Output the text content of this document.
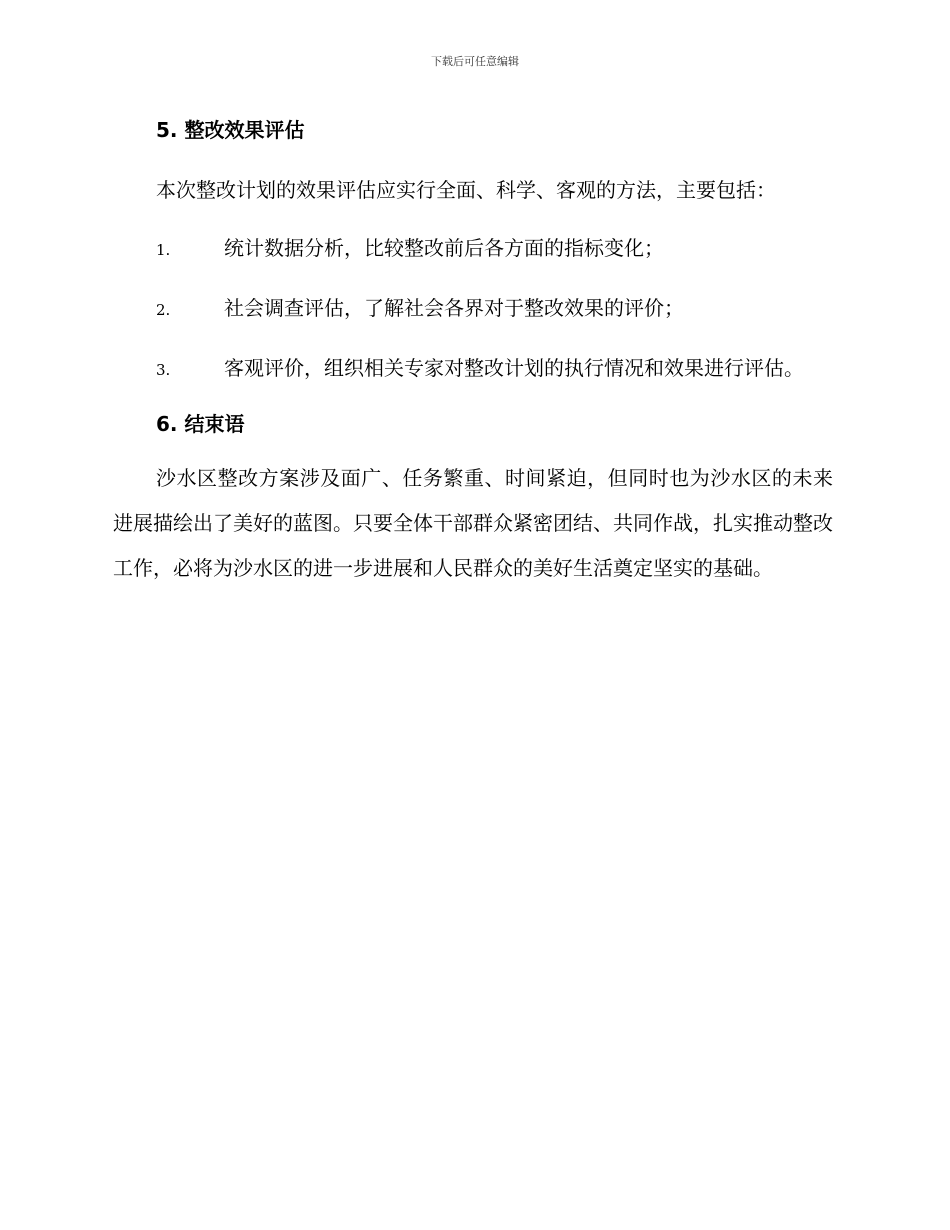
下载后可任意编辑
5. 整改效果评估

本次整改计划的效果评估应实行全面、科学、客观的方法，主要包括：

1.	统计数据分析，比较整改前后各方面的指标变化；
2.	社会调查评估，了解社会各界对于整改效果的评价；
3.	客观评价，组织相关专家对整改计划的执行情况和效果进行评估。
6. 结束语

沙水区整改方案涉及面广、任务繁重、时间紧迫，但同时也为沙水区的未来进展描绘出了美好的蓝图。只要全体干部群众紧密团结、共同作战，扎实推动整改工作，必将为沙水区的进一步进展和人民群众的美好生活奠定坚实的基础。
